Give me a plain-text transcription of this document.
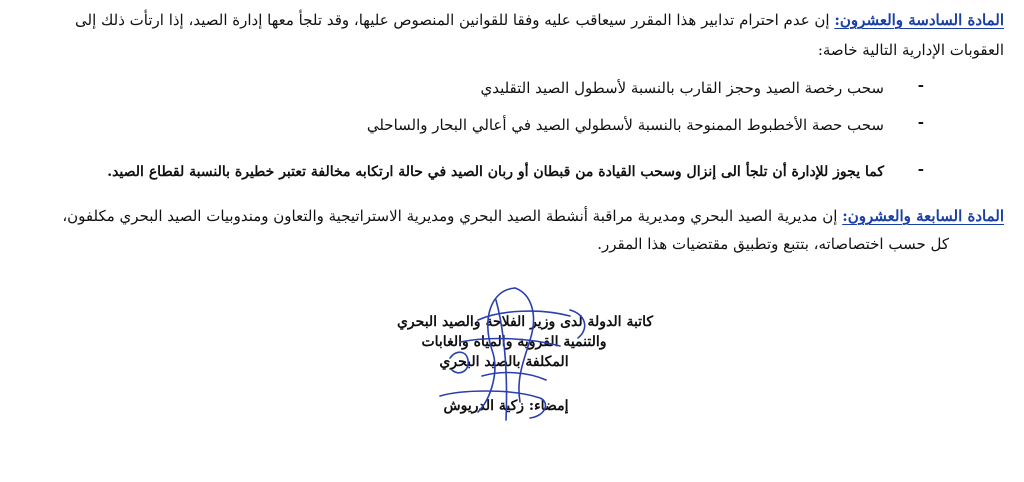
المادة السادسة والعشرون: إن عدم احترام تدابير هذا المقرر سيعاقب عليه وفقا للقوانين المنصوص عليها، وقد تلجأ معها إدارة الصيد، إذا ارتأت ذلك إلى
العقوبات الإدارية التالية خاصة:
-
سحب رخصة الصيد وحجز القارب بالنسبة لأسطول الصيد التقليدي
-
سحب حصة الأخطبوط الممنوحة بالنسبة لأسطولي الصيد في أعالي البحار والساحلي
-
كما يجوز للإدارة أن تلجأ الى إنزال وسحب القيادة من قبطان أو ربان الصيد في حالة ارتكابه مخالفة تعتبر خطيرة بالنسبة لقطاع الصيد.
المادة السابعة والعشرون: إن مديرية الصيد البحري ومديرية مراقبة أنشطة الصيد البحري ومديرية الاستراتيجية والتعاون ومندوبيات الصيد البحري مكلفون،
كل حسب اختصاصاته، بتتبع وتطبيق مقتضيات هذا المقرر.
كاتبة الدولة لدى وزير الفلاحة والصيد البحري
والتنمية القروية والمياه والغابات
المكلفة بالصيد البحري
إمضاء: زكية الدريوش
